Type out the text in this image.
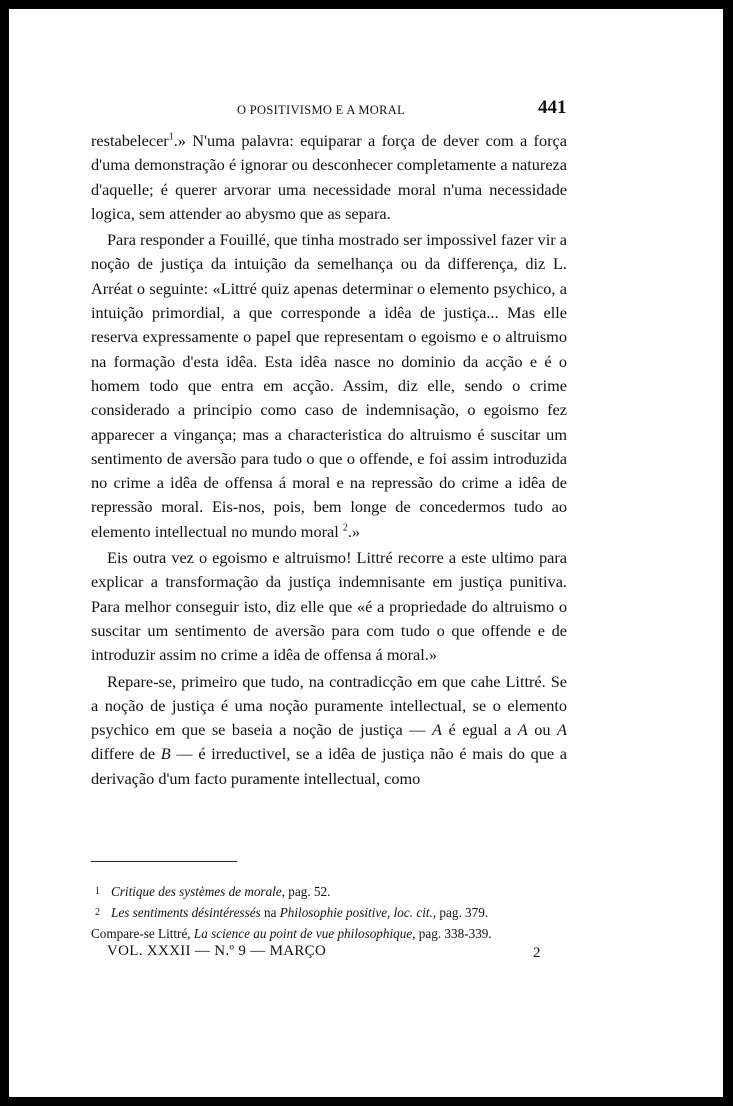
O POSITIVISMO E A MORAL	441

restabelecer$^1$.» N'uma palavra: equiparar a força de dever com a força d'uma demonstração é ignorar ou desconhecer completamente a natureza d'aquelle; é querer arvorar uma necessidade moral n'uma necessidade logica, sem attender ao abysmo que as separa.

Para responder a Fouillé, que tinha mostrado ser impossivel fazer vir a noção de justiça da intuição da semelhança ou da differença, diz L. Arréat o seguinte: «Littré quiz apenas determinar o elemento psychico, a intuição primordial, a que corresponde a idêa de justiça... Mas elle reserva expressamente o papel que representam o egoismo e o altruismo na formação d'esta idêa. Esta idêa nasce no dominio da acção e é o homem todo que entra em acção. Assim, diz elle, sendo o crime considerado a principio como caso de indemnisação, o egoismo fez apparecer a vingança; mas a characteristica do altruismo é suscitar um sentimento de aversão para tudo o que o offende, e foi assim introduzida no crime a idêa de offensa á moral e na repressão do crime a idêa de repressão moral. Eis-nos, pois, bem longe de concedermos tudo ao elemento intellectual no mundo moral $^2$.»

Eis outra vez o egoismo e altruismo! Littré recorre a este ultimo para explicar a transformação da justiça indemnisante em justiça punitiva. Para melhor conseguir isto, diz elle que «é a propriedade do altruismo o suscitar um sentimento de aversão para com tudo o que offende e de introduzir assim no crime a idêa de offensa á moral.»

Repare-se, primeiro que tudo, na contradicção em que cahe Littré. Se a noção de justiça é uma noção puramente intellectual, se o elemento psychico em que se baseia a noção de justiça — A é egual a A ou A differe de B — é irreductivel, se a idêa de justiça não é mais do que a derivação d'um facto puramente intellectual, como

1 Critique des systèmes de morale, pag. 52.

2 Les sentiments désintéressés na Philosophie positive, loc. cit., pag. 379.

Compare-se Littré, La science au point de vue philosophique, pag. 338-339.

VOL. XXXII — N.º 9 — MARÇO	2
